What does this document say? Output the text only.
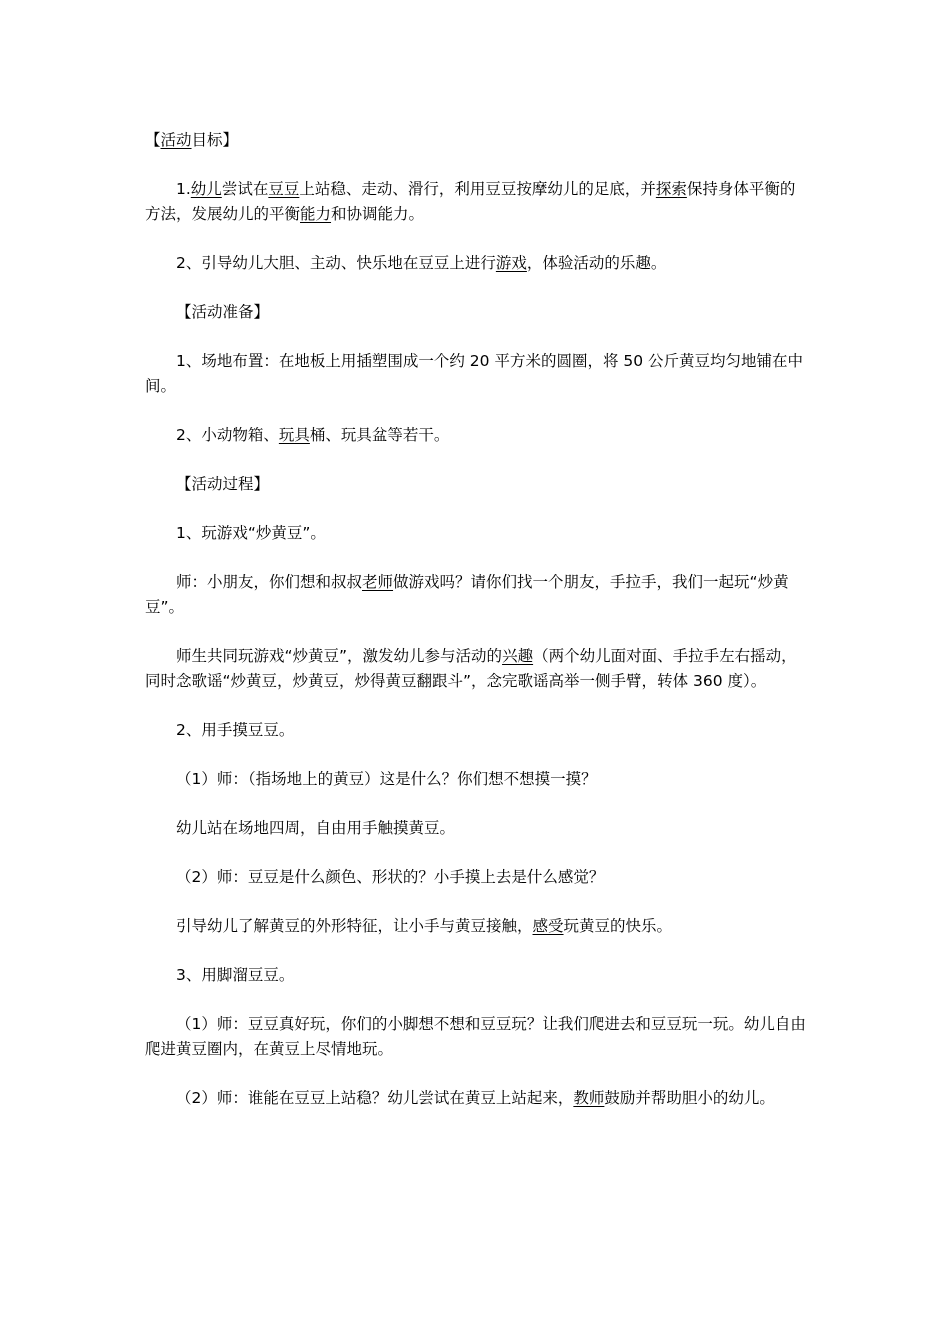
【活动目标】

1.幼儿尝试在豆豆上站稳、走动、滑行，利用豆豆按摩幼儿的足底，并探索保持身体平衡的方法，发展幼儿的平衡能力和协调能力。

2、引导幼儿大胆、主动、快乐地在豆豆上进行游戏，体验活动的乐趣。

【活动准备】

1、场地布置：在地板上用插塑围成一个约 20 平方米的圆圈，将 50 公斤黄豆均匀地铺在中间。

2、小动物箱、玩具桶、玩具盆等若干。

【活动过程】

1、玩游戏“炒黄豆”。

师：小朋友，你们想和叔叔老师做游戏吗？请你们找一个朋友，手拉手，我们一起玩“炒黄豆”。

师生共同玩游戏“炒黄豆”，激发幼儿参与活动的兴趣（两个幼儿面对面、手拉手左右摇动，同时念歌谣“炒黄豆，炒黄豆，炒得黄豆翻跟斗”，念完歌谣高举一侧手臂，转体 360 度）。

2、用手摸豆豆。

（1）师：（指场地上的黄豆）这是什么？你们想不想摸一摸？

幼儿站在场地四周，自由用手触摸黄豆。

（2）师：豆豆是什么颜色、形状的？小手摸上去是什么感觉？

引导幼儿了解黄豆的外形特征，让小手与黄豆接触，感受玩黄豆的快乐。

3、用脚溜豆豆。

（1）师：豆豆真好玩，你们的小脚想不想和豆豆玩？让我们爬进去和豆豆玩一玩。幼儿自由爬进黄豆圈内，在黄豆上尽情地玩。

（2）师：谁能在豆豆上站稳？幼儿尝试在黄豆上站起来，教师鼓励并帮助胆小的幼儿。
